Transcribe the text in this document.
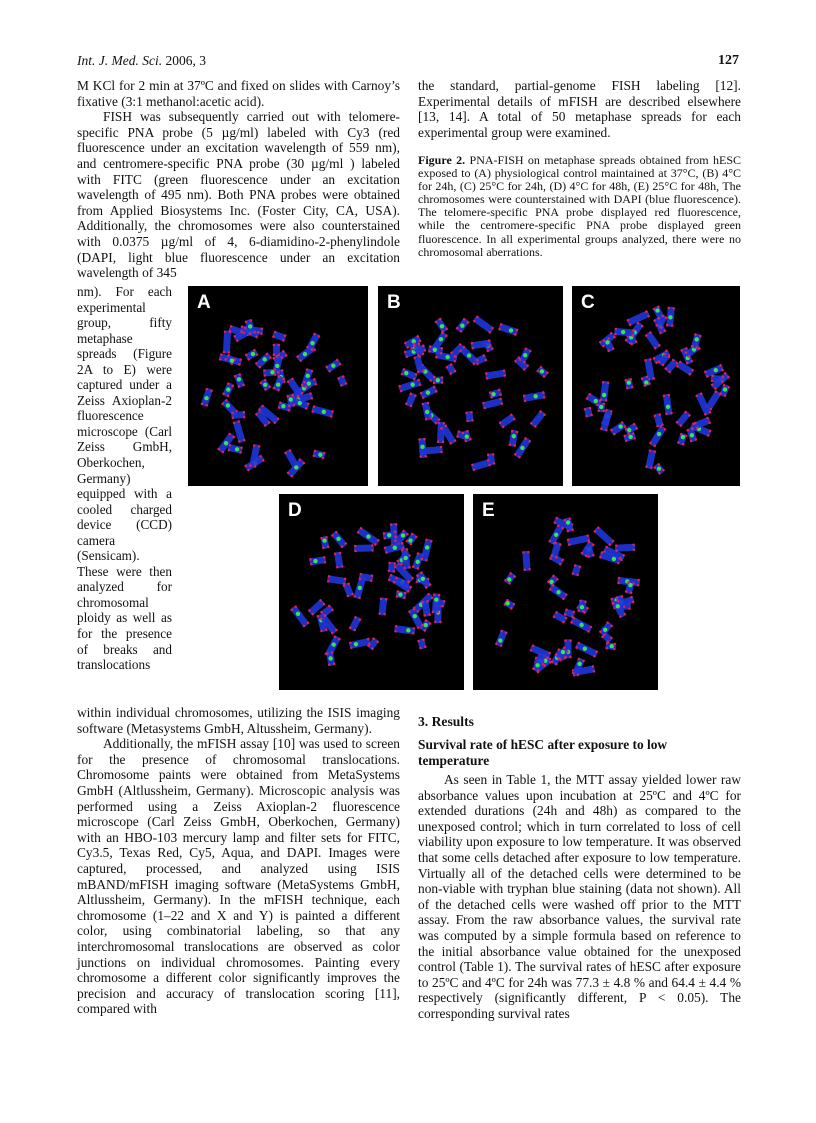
Int. J. Med. Sci. 2006, 3	127

M KCl for 2 min at 37ºC and fixed on slides with Carnoy’s fixative (3:1 methanol:acetic acid).

FISH was subsequently carried out with telomere-specific PNA probe (5 µg/ml) labeled with Cy3 (red fluorescence under an excitation wavelength of 559 nm), and centromere-specific PNA probe (30 µg/ml ) labeled with FITC (green fluorescence under an excitation wavelength of 495 nm). Both PNA probes were obtained from Applied Biosystems Inc. (Foster City, CA, USA). Additionally, the chromosomes were also counterstained with 0.0375 µg/ml of 4, 6-diamidino-2-phenylindole (DAPI, light blue fluorescence under an excitation wavelength of 345

nm). For each experimental group, fifty metaphase spreads (Figure 2A to E) were captured under a Zeiss Axioplan-2 fluorescence microscope (Carl Zeiss GmbH, Oberkochen, Germany) equipped with a cooled charged device (CCD) camera (Sensicam). These were then analyzed for chromosomal ploidy as well as for the presence of breaks and translocations

A	B	C
D	E

within individual chromosomes, utilizing the ISIS imaging software (Metasystems GmbH, Altussheim, Germany).

Additionally, the mFISH assay [10] was used to screen for the presence of chromosomal translocations. Chromosome paints were obtained from MetaSystems GmbH (Altlussheim, Germany). Microscopic analysis was performed using a Zeiss Axioplan-2 fluorescence microscope (Carl Zeiss GmbH, Oberkochen, Germany) with an HBO-103 mercury lamp and filter sets for FITC, Cy3.5, Texas Red, Cy5, Aqua, and DAPI. Images were captured, processed, and analyzed using ISIS mBAND/mFISH imaging software (MetaSystems GmbH, Altlussheim, Germany). In the mFISH technique, each chromosome (1–22 and X and Y) is painted a different color, using combinatorial labeling, so that any interchromosomal translocations are observed as color junctions on individual chromosomes. Painting every chromosome a different color significantly improves the precision and accuracy of translocation scoring [11], compared with

the standard, partial-genome FISH labeling [12]. Experimental details of mFISH are described elsewhere [13, 14]. A total of 50 metaphase spreads for each experimental group were examined.

Figure 2. PNA-FISH on metaphase spreads obtained from hESC exposed to (A) physiological control maintained at 37°C, (B) 4°C for 24h, (C) 25°C for 24h, (D) 4°C for 48h, (E) 25°C for 48h, The chromosomes were counterstained with DAPI (blue fluorescence). The telomere-specific PNA probe displayed red fluorescence, while the centromere-specific PNA probe displayed green fluorescence. In all experimental groups analyzed, there were no chromosomal aberrations.
3. Results
Survival rate of hESC after exposure to low temperature

As seen in Table 1, the MTT assay yielded lower raw absorbance values upon incubation at 25ºC and 4ºC for extended durations (24h and 48h) as compared to the unexposed control; which in turn correlated to loss of cell viability upon exposure to low temperature. It was observed that some cells detached after exposure to low temperature. Virtually all of the detached cells were determined to be non-viable with tryphan blue staining (data not shown). All of the detached cells were washed off prior to the MTT assay. From the raw absorbance values, the survival rate was computed by a simple formula based on reference to the initial absorbance value obtained for the unexposed control (Table 1). The survival rates of hESC after exposure to 25ºC and 4ºC for 24h was 77.3 ± 4.8 % and 64.4 ± 4.4 % respectively (significantly different, P < 0.05). The corresponding survival rates
